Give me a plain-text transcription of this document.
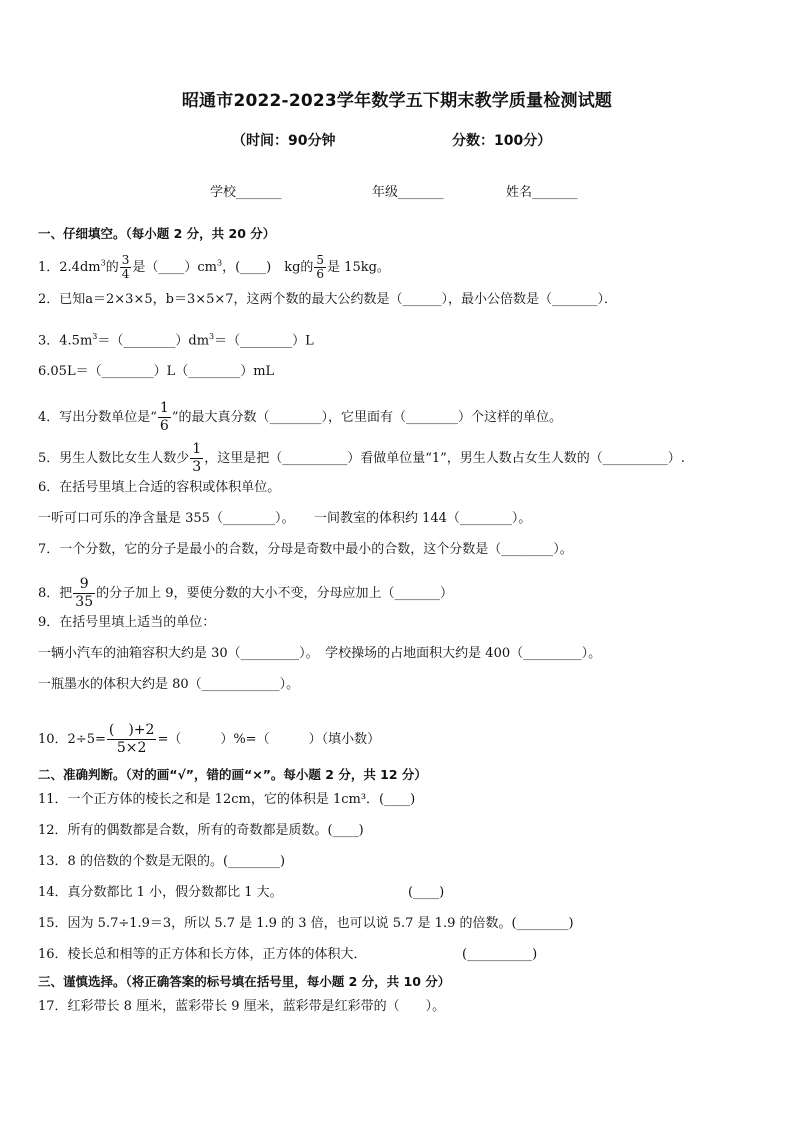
昭通市2022-2023学年数学五下期末教学质量检测试题
（时间：90分钟	分数：100分）
学校_______	年级_______	姓名_______
一、仔细填空。（每小题 2 分，共 20 分）
1．$2.4dm^3$的 $\frac{3}{4}$ 是$(\_\_\_\_)cm^3$，(____)　kg的 $\frac{5}{6}$ 是 15kg。
2．已知a＝2×3×5，b＝3×5×7，这两个数的最大公约数是（______），最小公倍数是（_______）．
3．$4.5m^3=(\_\_\_\_\_\_\_\_)dm^3=(\_\_\_\_\_\_\_\_)L$
6.05L＝（________）L（________）mL
4．写出分数单位是“ $\frac{1}{6}$ ”的最大真分数（________），它里面有（________）个这样的单位。
5．男生人数比女生人数少 $\frac{1}{3}$ ，这里是把（__________）看做单位量“1”，男生人数占女生人数的（__________）.
6．在括号里填上合适的容积或体积单位。
一听可口可乐的净含量是 355（________）。　　一间教室的体积约 144（________）。
7．一个分数，它的分子是最小的合数，分母是奇数中最小的合数，这个分数是（________）。
8．把 $\frac{9}{35}$ 的分子加上 9，要使分数的大小不变，分母应加上（_______）
9．在括号里填上适当的单位：
一辆小汽车的油箱容积大约是 30（_________）。　学校操场的占地面积大约是 400（_________）。
一瓶墨水的体积大约是 80（____________）。
10．$2\div 5= \frac{( )+2}{5\times 2}$ =（　　　）%=（　　　）（填小数）
二、准确判断。（对的画“√”，错的画“×”。每小题 2 分，共 12 分）
11．一个正方体的棱长之和是 12cm，它的体积是 1cm³．(____)
12．所有的偶数都是合数，所有的奇数都是质数。(____)
13．8 的倍数的个数是无限的。(________)
14．真分数都比 1 小，假分数都比 1 大。	(____)
15．因为 5.7÷1.9＝3，所以 5.7 是 1.9 的 3 倍，也可以说 5.7 是 1.9 的倍数。(________)
16．棱长总和相等的正方体和长方体，正方体的体积大．	(__________)
三、谨慎选择。（将正确答案的标号填在括号里，每小题 2 分，共 10 分）
17．红彩带长 8 厘米，蓝彩带长 9 厘米，蓝彩带是红彩带的（　　）。
